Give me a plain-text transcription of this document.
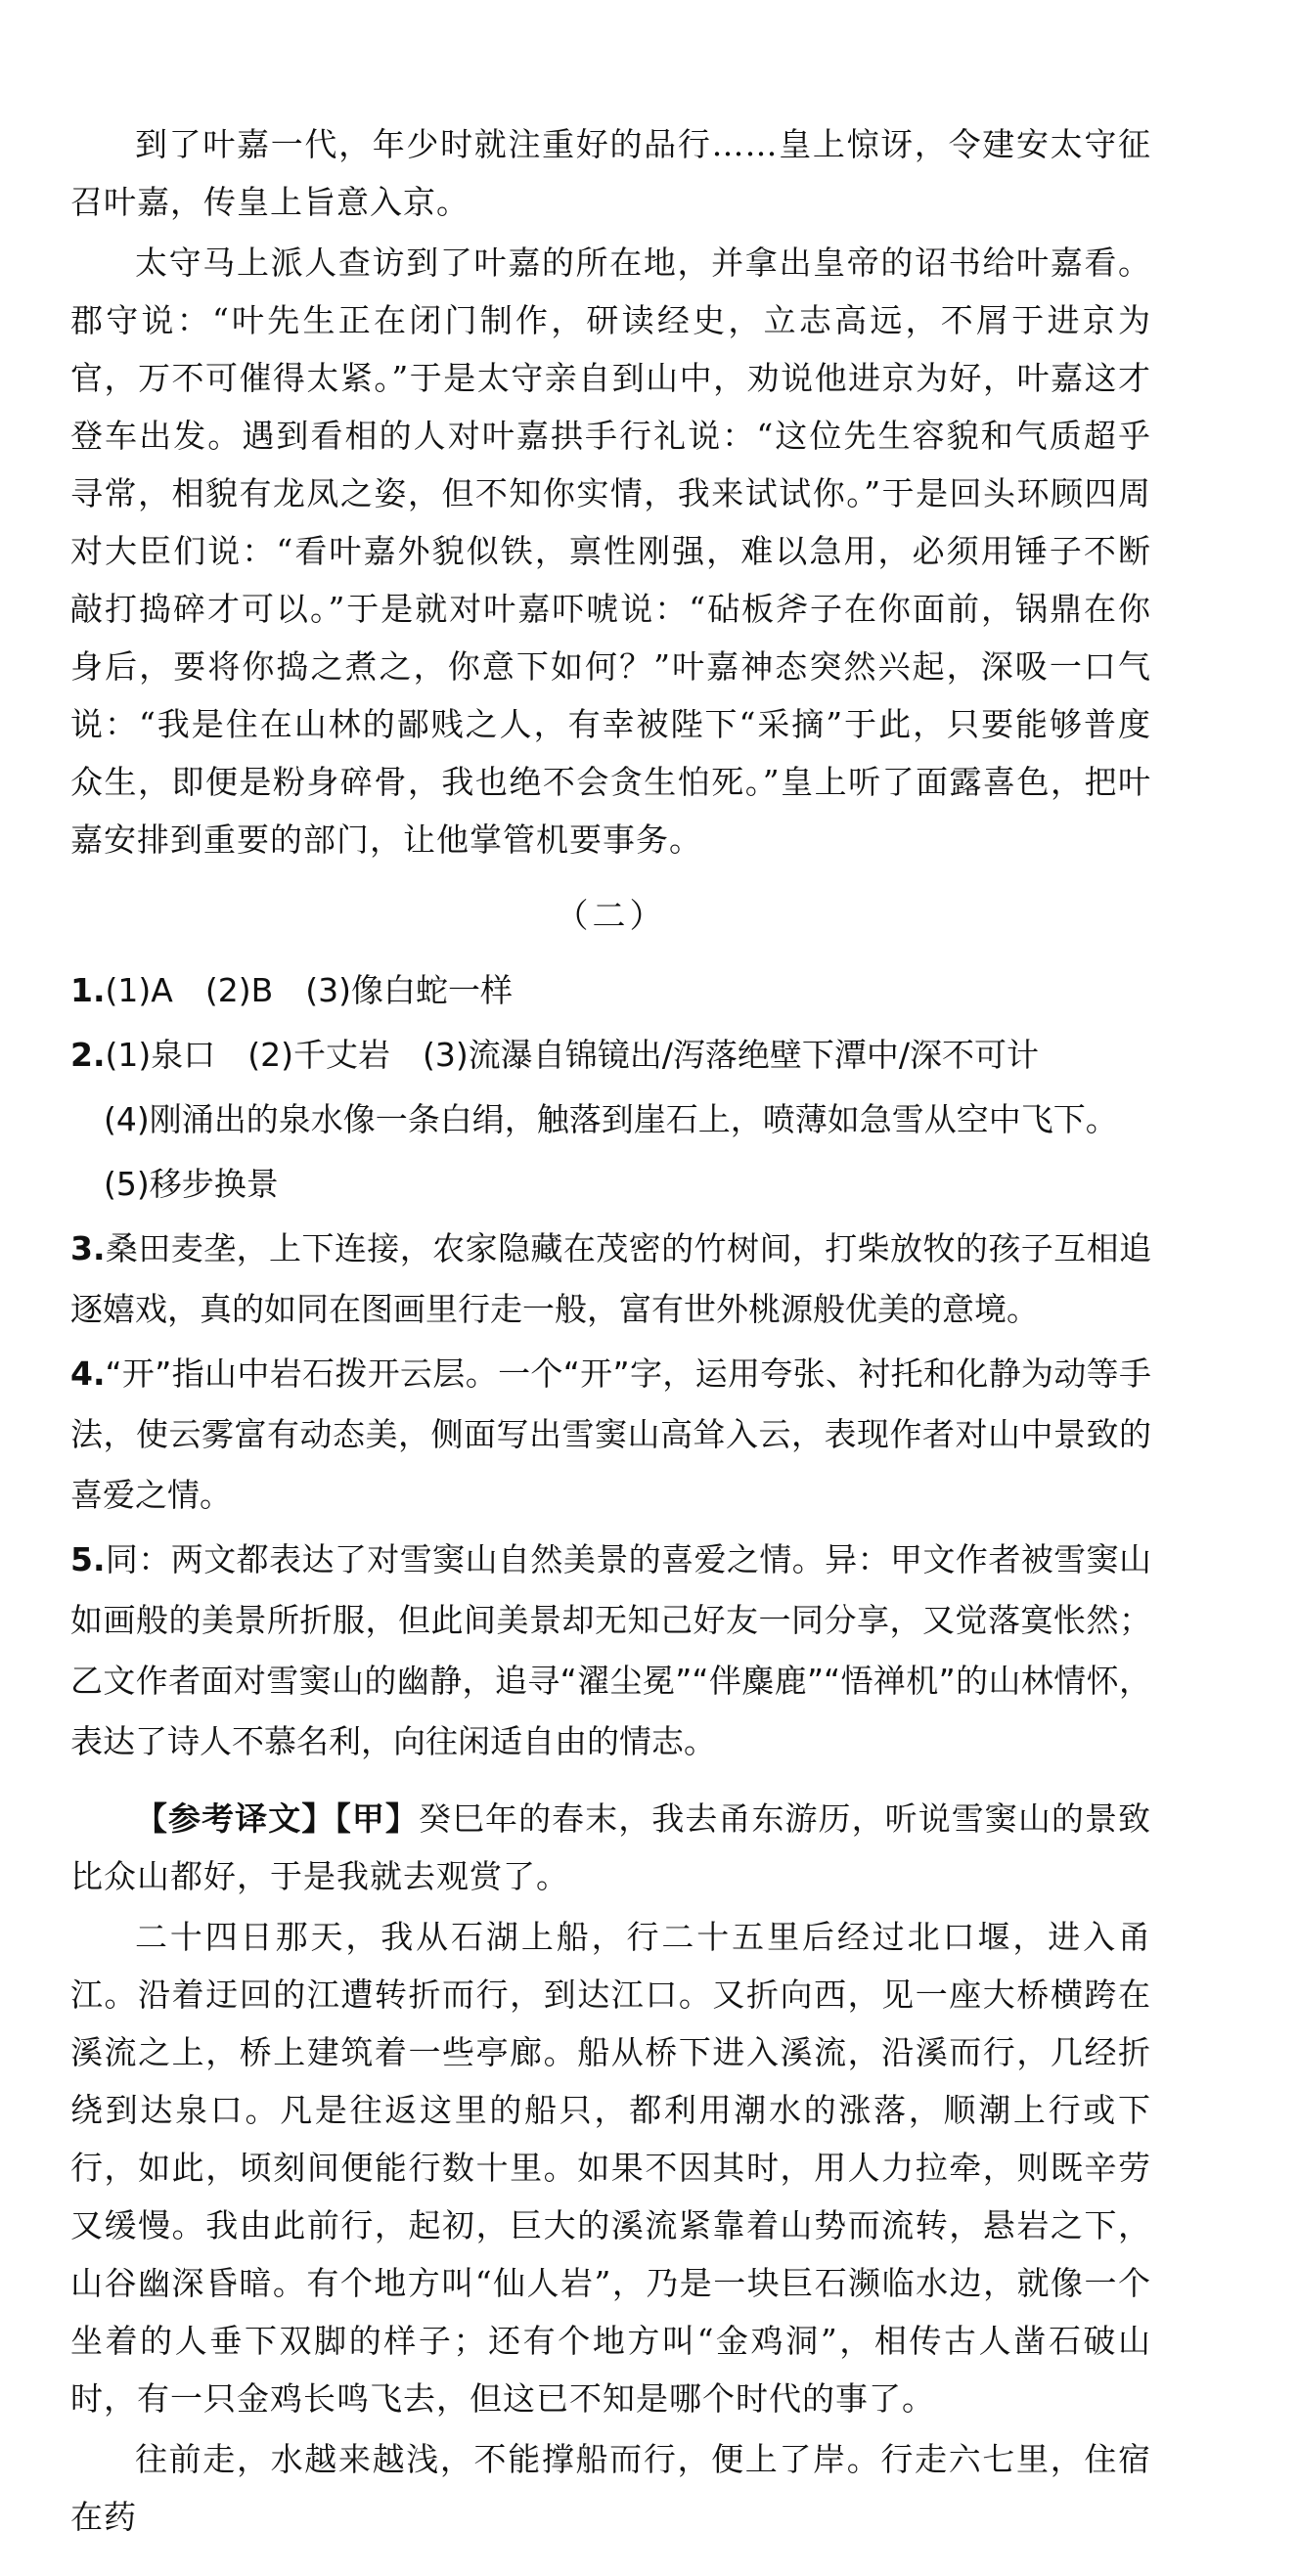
到了叶嘉一代，年少时就注重好的品行……皇上惊讶，令建安太守征召叶嘉，传皇上旨意入京。

太守马上派人查访到了叶嘉的所在地，并拿出皇帝的诏书给叶嘉看。郡守说：“叶先生正在闭门制作，研读经史，立志高远，不屑于进京为官，万不可催得太紧。”于是太守亲自到山中，劝说他进京为好，叶嘉这才登车出发。遇到看相的人对叶嘉拱手行礼说：“这位先生容貌和气质超乎寻常，相貌有龙凤之姿，但不知你实情，我来试试你。”于是回头环顾四周对大臣们说：“看叶嘉外貌似铁，禀性刚强，难以急用，必须用锤子不断敲打捣碎才可以。”于是就对叶嘉吓唬说：“砧板斧子在你面前，锅鼎在你身后，要将你捣之煮之，你意下如何？”叶嘉神态突然兴起，深吸一口气说：“我是住在山林的鄙贱之人，有幸被陛下“采摘”于此，只要能够普度众生，即便是粉身碎骨，我也绝不会贪生怕死。”皇上听了面露喜色，把叶嘉安排到重要的部门，让他掌管机要事务。

（二）
1.(1)A　(2)B　(3)像白蛇一样
2.(1)泉口　(2)千丈岩　(3)流瀑自锦镜出/泻落绝壁下潭中/深不可计
(4)刚涌出的泉水像一条白绢，触落到崖石上，喷薄如急雪从空中飞下。
(5)移步换景
3.桑田麦垄，上下连接，农家隐藏在茂密的竹树间，打柴放牧的孩子互相追逐嬉戏，真的如同在图画里行走一般，富有世外桃源般优美的意境。
4.“开”指山中岩石拨开云层。一个“开”字，运用夸张、衬托和化静为动等手法，使云雾富有动态美，侧面写出雪窦山高耸入云，表现作者对山中景致的喜爱之情。
5.同：两文都表达了对雪窦山自然美景的喜爱之情。异：甲文作者被雪窦山如画般的美景所折服，但此间美景却无知己好友一同分享，又觉落寞怅然；乙文作者面对雪窦山的幽静，追寻“濯尘冕”“伴麋鹿”“悟禅机”的山林情怀，表达了诗人不慕名利，向往闲适自由的情志。

【参考译文】【甲】癸巳年的春末，我去甬东游历，听说雪窦山的景致比众山都好，于是我就去观赏了。

二十四日那天，我从石湖上船，行二十五里后经过北口堰，进入甬江。沿着迂回的江遭转折而行，到达江口。又折向西，见一座大桥横跨在溪流之上，桥上建筑着一些亭廊。船从桥下进入溪流，沿溪而行，几经折绕到达泉口。凡是往返这里的船只，都利用潮水的涨落，顺潮上行或下行，如此，顷刻间便能行数十里。如果不因其时，用人力拉牵，则既辛劳又缓慢。我由此前行，起初，巨大的溪流紧靠着山势而流转，悬岩之下，山谷幽深昏暗。有个地方叫“仙人岩”，乃是一块巨石濒临水边，就像一个坐着的人垂下双脚的样子；还有个地方叫“金鸡洞”，相传古人凿石破山时，有一只金鸡长鸣飞去，但这已不知是哪个时代的事了。

往前走，水越来越浅，不能撑船而行，便上了岸。行走六七里，住宿在药
